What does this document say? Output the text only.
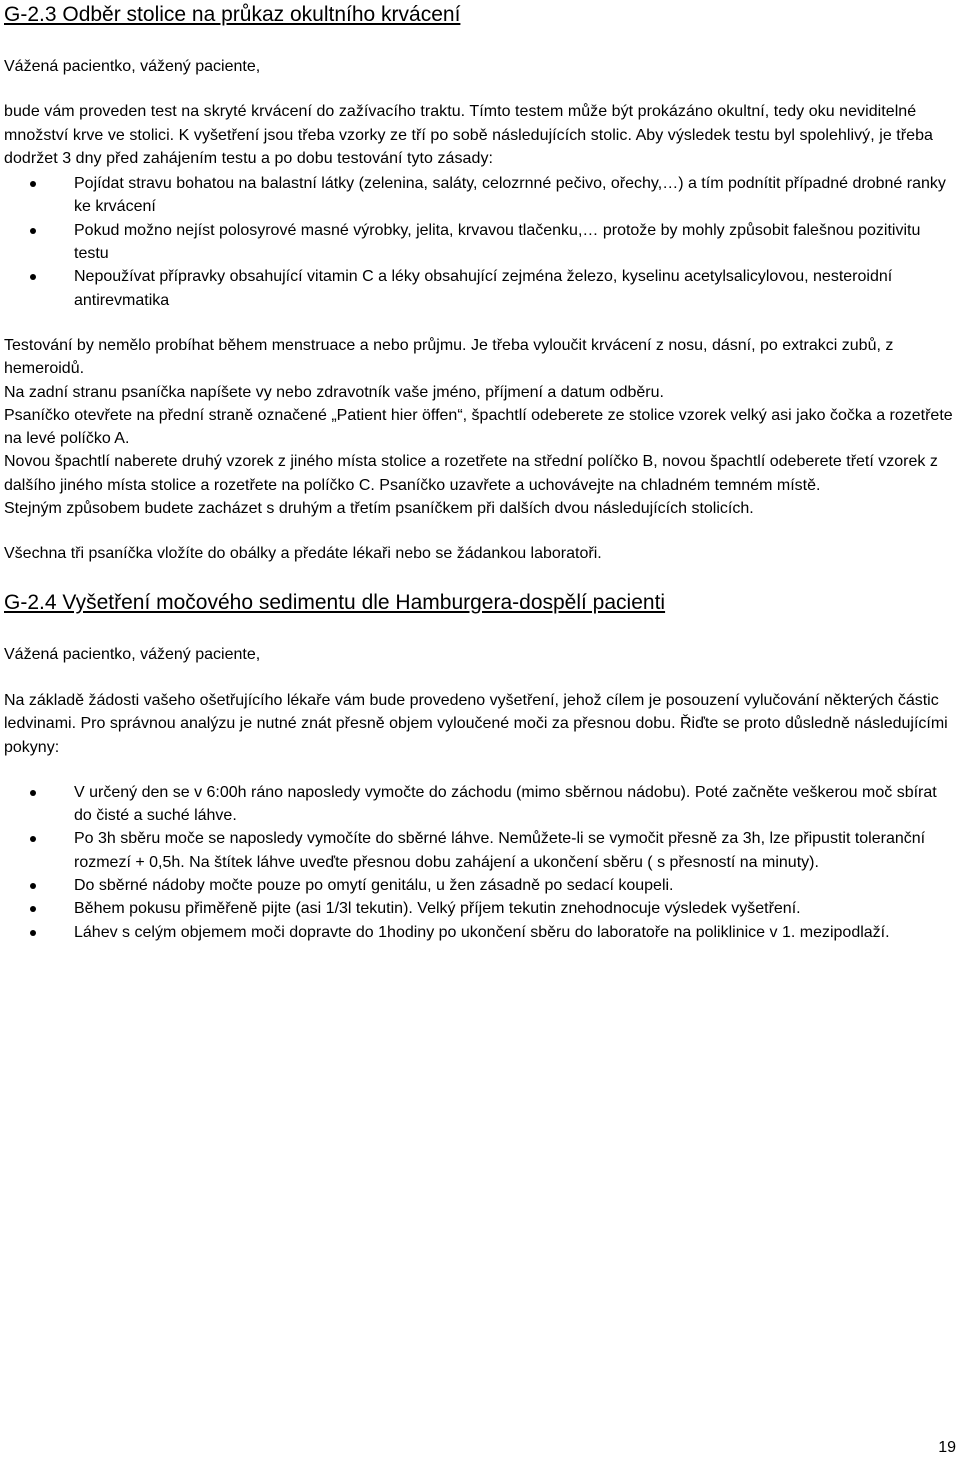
G-2.3 Odběr stolice na průkaz okultního krvácení

Vážená pacientko, vážený paciente,

bude vám proveden test na skryté krvácení do zažívacího traktu. Tímto testem může být prokázáno okultní, tedy oku neviditelné množství krve ve stolici. K vyšetření jsou třeba vzorky ze tří po sobě následujících stolic. Aby výsledek testu byl spolehlivý, je třeba dodržet 3 dny před zahájením testu a po dobu testování tyto zásady:

Pojídat stravu bohatou na balastní látky (zelenina, saláty, celozrnné pečivo, ořechy,…) a tím podnítit případné drobné ranky ke krvácení
Pokud možno nejíst polosyrové masné výrobky, jelita, krvavou tlačenku,… protože by mohly způsobit falešnou pozitivitu testu
Nepoužívat přípravky obsahující vitamin C a léky obsahující zejména železo, kyselinu acetylsalicylovou, nesteroidní antirevmatika

Testování by nemělo probíhat během menstruace a nebo průjmu. Je třeba vyloučit krvácení z nosu, dásní, po extrakci zubů, z hemeroidů.

Na zadní stranu psaníčka napíšete vy nebo zdravotník vaše jméno, příjmení a datum odběru.

Psaníčko otevřete na přední straně označené „Patient hier öffen“, špachtlí odeberete ze stolice vzorek velký asi jako čočka a rozetřete na levé políčko A.

Novou špachtlí naberete druhý vzorek z jiného místa stolice a rozetřete na střední políčko B, novou špachtlí odeberete třetí vzorek z dalšího jiného místa stolice a rozetřete na políčko C. Psaníčko uzavřete a uchovávejte na chladném temném místě.

Stejným způsobem budete zacházet s druhým a třetím psaníčkem při dalších dvou následujících stolicích.

Všechna tři psaníčka vložíte do obálky a předáte lékaři nebo se žádankou laboratoři.

G-2.4 Vyšetření močového sedimentu dle Hamburgera-dospělí pacienti

Vážená pacientko, vážený paciente,

Na základě žádosti vašeho ošetřujícího lékaře vám bude provedeno vyšetření, jehož cílem je posouzení vylučování některých částic ledvinami. Pro správnou analýzu je nutné znát přesně objem vyloučené moči za přesnou dobu. Řiďte se proto důsledně následujícími pokyny:

V určený den se v 6:00h ráno naposledy vymočte do záchodu (mimo sběrnou nádobu). Poté začněte veškerou moč sbírat do čisté a suché láhve.
Po 3h sběru moče se naposledy vymočíte do sběrné láhve. Nemůžete-li se vymočit přesně za 3h, lze připustit toleranční rozmezí + 0,5h. Na štítek láhve uveďte přesnou dobu zahájení a ukončení sběru ( s přesností na minuty).
Do sběrné nádoby močte pouze po omytí genitálu, u žen zásadně po sedací koupeli.
Během pokusu přiměřeně pijte (asi 1/3l tekutin). Velký příjem tekutin znehodnocuje výsledek vyšetření.
Láhev s celým objemem moči dopravte do 1hodiny po ukončení sběru do laboratoře na poliklinice v 1. mezipodlaží.
19
